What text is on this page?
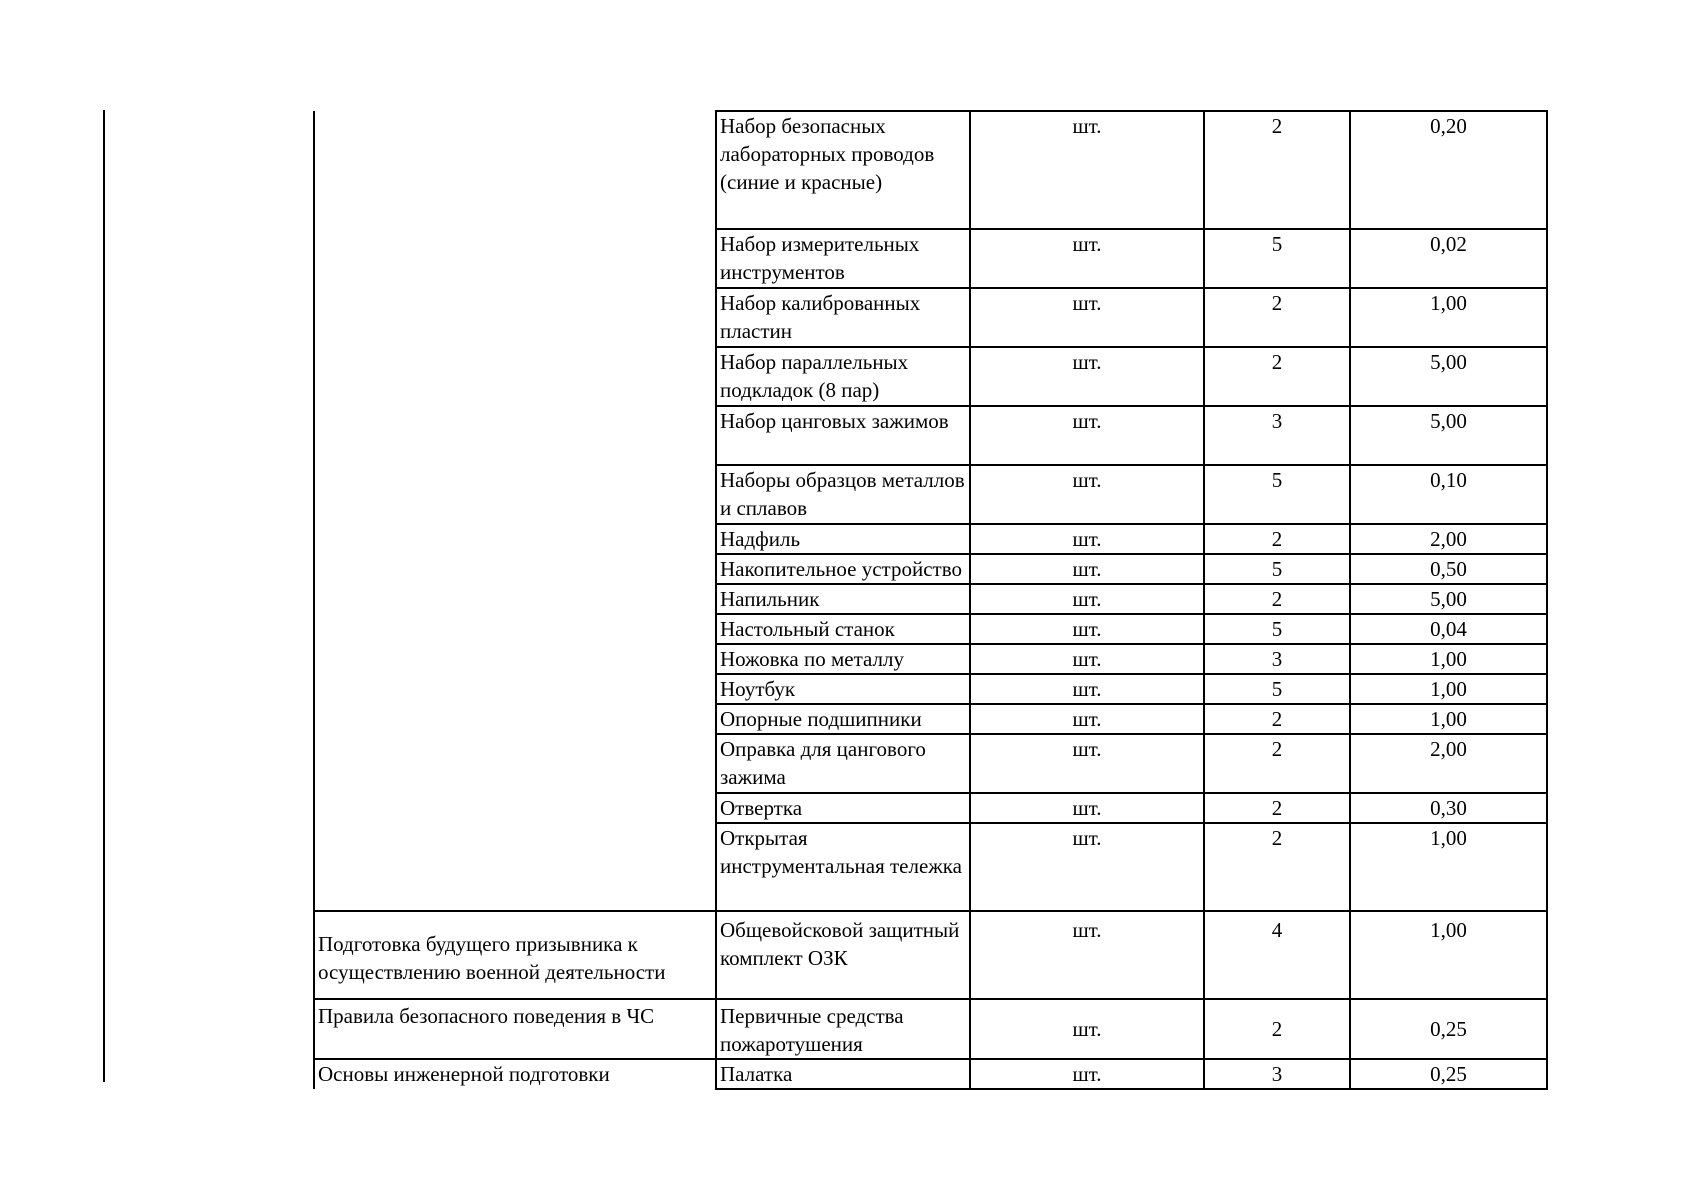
	Набор безопасных лабораторных проводов (синие и красные)	шт.	2	0,20
	Набор измерительных инструментов	шт.	5	0,02
	Набор калиброванных пластин	шт.	2	1,00
	Набор параллельных подкладок (8 пар)	шт.	2	5,00
	Набор цанговых зажимов	шт.	3	5,00
	Наборы образцов металлов и сплавов	шт.	5	0,10
	Надфиль	шт.	2	2,00
	Накопительное устройство	шт.	5	0,50
	Напильник	шт.	2	5,00
	Настольный станок	шт.	5	0,04
	Ножовка по металлу	шт.	3	1,00
	Ноутбук	шт.	5	1,00
	Опорные подшипники	шт.	2	1,00
	Оправка для цангового зажима	шт.	2	2,00
	Отвертка	шт.	2	0,30
	Открытая инструментальная тележка	шт.	2	1,00
Подготовка будущего призывника к осуществлению военной деятельности	Общевойсковой защитный комплект ОЗК	шт.	4	1,00
Правила безопасного поведения в ЧС	Первичные средства пожаротушения	шт.	2	0,25
Основы инженерной подготовки	Палатка	шт.	3	0,25
